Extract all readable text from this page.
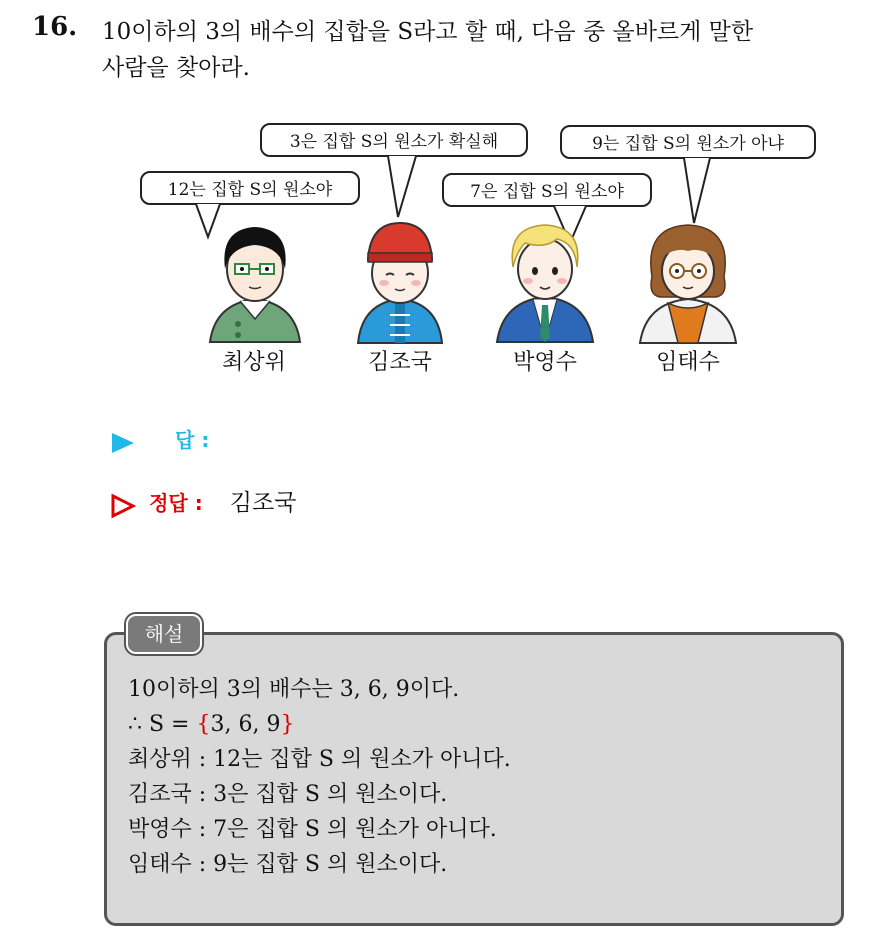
16. 10이하의 3의 배수의 집합을 S라고 할 때, 다음 중 올바르게 말한
사람을 찾아라.
12는 집합 S의 원소야
3은 집합 S의 원소가 확실해
7은 집합 S의 원소야
9는 집합 S의 원소가 아냐
최상위	김조국	박영수	임태수
답 :
정답 : 김조국
해설
10이하의 3의 배수는 3, 6, 9이다.
∴ S = {3, 6, 9}
최상위 : 12는 집합 S 의 원소가 아니다.
김조국 : 3은 집합 S 의 원소이다.
박영수 : 7은 집합 S 의 원소가 아니다.
임태수 : 9는 집합 S 의 원소이다.
